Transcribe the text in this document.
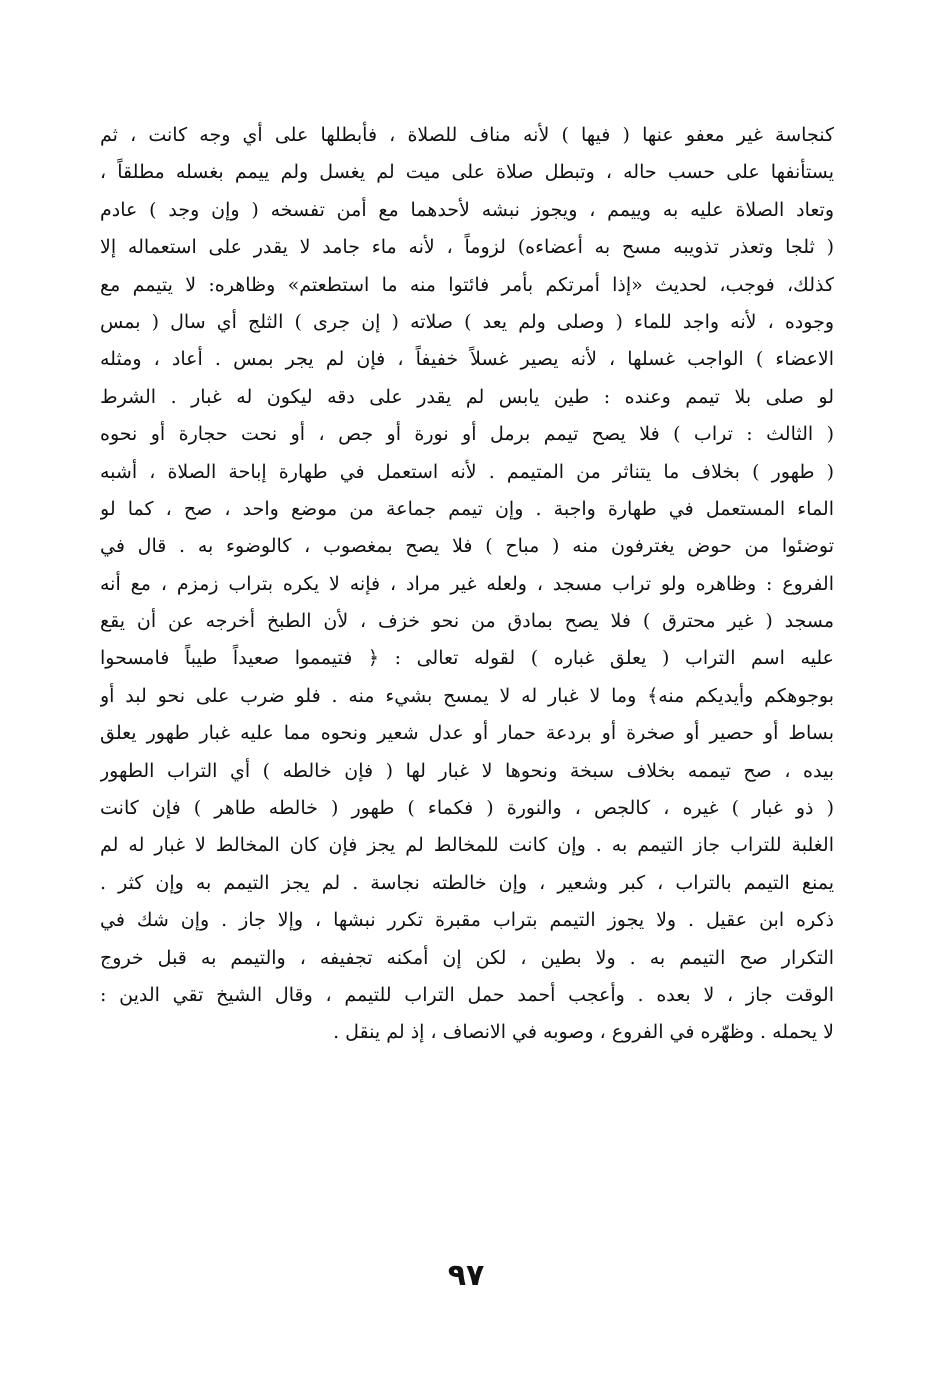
كنجاسة غير معفو عنها ( فيها ) لأنه مناف للصلاة ، فأبطلها على أي وجه كانت ، ثم
يستأنفها على حسب حاله ، وتبطل صلاة على ميت لم يغسل ولم ييمم بغسله مطلقاً ،
وتعاد الصلاة عليه به وييمم ، ويجوز نبشه لأحدهما مع أمن تفسخه ( وإن وجد ) عادم
( ثلجا وتعذر تذويبه مسح به أعضاءه) لزوماً ، لأنه ماء جامد لا يقدر على استعماله إلا
كذلك، فوجب، لحديث «إذا أمرتكم بأمر فائتوا منه ما استطعتم» وظاهره: لا يتيمم مع
وجوده ، لأنه واجد للماء ( وصلى ولم يعد ) صلاته ( إن جرى ) الثلج أي سال ( بمس
الاعضاء ) الواجب غسلها ، لأنه يصير غسلاً خفيفاً ، فإن لم يجر بمس . أعاد ، ومثله
لو صلى بلا تيمم وعنده : طين يابس لم يقدر على دقه ليكون له غبار . الشرط
( الثالث : تراب ) فلا يصح تيمم برمل أو نورة أو جص ، أو نحت حجارة أو نحوه
( طهور ) بخلاف ما يتناثر من المتيمم . لأنه استعمل في طهارة إباحة الصلاة ، أشبه
الماء المستعمل في طهارة واجبة . وإن تيمم جماعة من موضع واحد ، صح ، كما لو
توضئوا من حوض يغترفون منه ( مباح ) فلا يصح بمغصوب ، كالوضوء به . قال في
الفروع : وظاهره ولو تراب مسجد ، ولعله غير مراد ، فإنه لا يكره بتراب زمزم ، مع أنه
مسجد ( غير محترق ) فلا يصح بمادق من نحو خزف ، لأن الطبخ أخرجه عن أن يقع
عليه اسم التراب ( يعلق غباره ) لقوله تعالى : ﴿ فتيمموا صعيداً طيباً فامسحوا
بوجوهكم وأيديكم منه﴾ وما لا غبار له لا يمسح بشيء منه . فلو ضرب على نحو لبد أو
بساط أو حصير أو صخرة أو بردعة حمار أو عدل شعير ونحوه مما عليه غبار طهور يعلق
بيده ، صح تيممه بخلاف سبخة ونحوها لا غبار لها ( فإن خالطه ) أي التراب الطهور
( ذو غبار ) غيره ، كالجص ، والنورة ( فكماء ) طهور ( خالطه طاهر ) فإن كانت
الغلبة للتراب جاز التيمم به . وإن كانت للمخالط لم يجز فإن كان المخالط لا غبار له لم
يمنع التيمم بالتراب ، كبر وشعير ، وإن خالطته نجاسة . لم يجز التيمم به وإن كثر .
ذكره ابن عقيل . ولا يجوز التيمم بتراب مقبرة تكرر نبشها ، وإلا جاز . وإن شك في
التكرار صح التيمم به . ولا بطين ، لكن إن أمكنه تجفيفه ، والتيمم به قبل خروج
الوقت جاز ، لا بعده . وأعجب أحمد حمل التراب للتيمم ، وقال الشيخ تقي الدين :
لا يحمله . وظهّره في الفروع ، وصوبه في الانصاف ، إذ لم ينقل .
٩٧
